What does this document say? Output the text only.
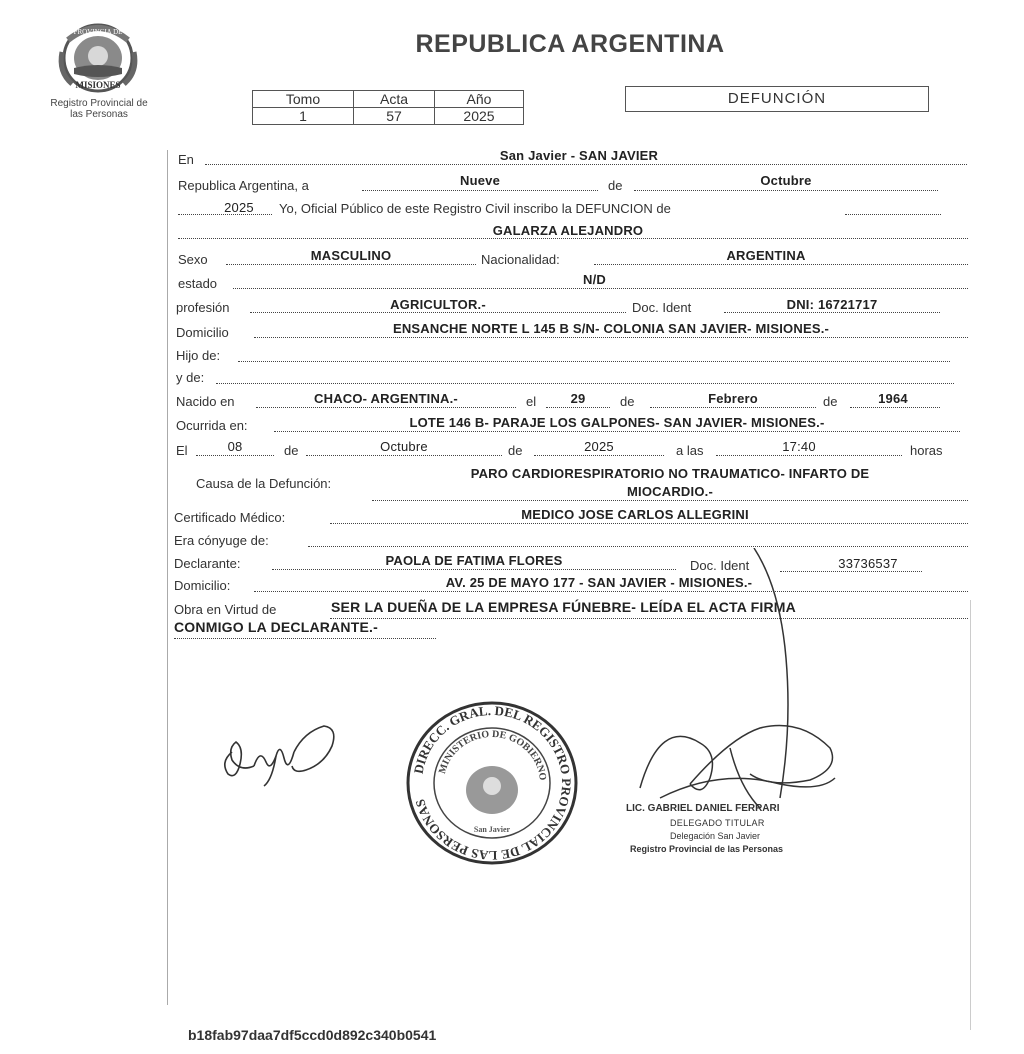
PROVINCIA DE
MISIONES
Registro Provincial de
las Personas
REPUBLICA ARGENTINA
Tomo	Acta	Año
1	57	2025
DEFUNCIÓN
En	San Javier - SAN JAVIER
Republica Argentina, a	Nueve	de	Octubre
2025	Yo, Oficial Público de este Registro Civil inscribo la DEFUNCION de
GALARZA ALEJANDRO
Sexo	MASCULINO	Nacionalidad:	ARGENTINA
estado	N/D
profesión	AGRICULTOR.-	Doc. Ident	DNI: 16721717
Domicilio	ENSANCHE NORTE L 145 B S/N- COLONIA SAN JAVIER- MISIONES.-
Hijo de:
y de:
Nacido en	CHACO- ARGENTINA.-	el	29	de	Febrero	de	1964
Ocurrida en:	LOTE 146 B- PARAJE LOS GALPONES- SAN JAVIER- MISIONES.-
El	08	de	Octubre	de	2025	a las	17:40	horas
Causa de la Defunción:
PARO CARDIORESPIRATORIO NO TRAUMATICO- INFARTO DE
MIOCARDIO.-
Certificado Médico:	MEDICO JOSE CARLOS ALLEGRINI
Era cónyuge de:
Declarante:	PAOLA DE FATIMA FLORES	Doc. Ident	33736537
Domicilio:	AV. 25 DE MAYO 177 - SAN JAVIER - MISIONES.-
Obra en Virtud de	SER LA DUEÑA DE LA EMPRESA FÚNEBRE- LEÍDA EL ACTA FIRMA
CONMIGO LA DECLARANTE.-
DIRECC. GRAL. DEL REGISTRO PROVINCIAL DE LAS PERSONAS
MINISTERIO DE GOBIERNO
San Javier
LIC. GABRIEL DANIEL FERRARI
DELEGADO TITULAR
Delegación San Javier
Registro Provincial de las Personas
b18fab97daa7df5ccd0d892c340b0541
